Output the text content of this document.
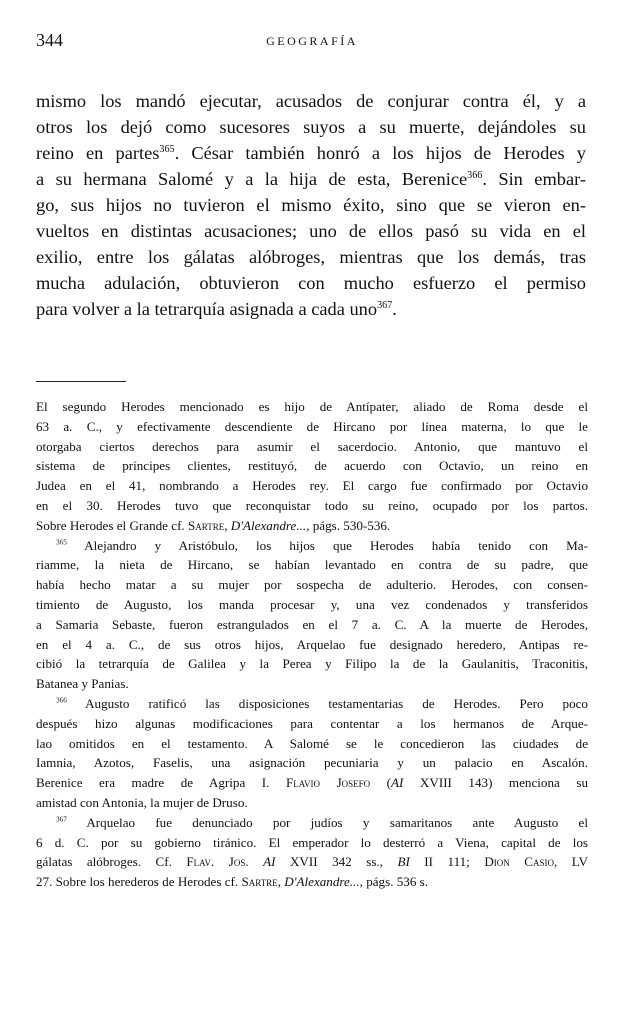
344	GEOGRAFÍA

mismo los mandó ejecutar, acusados de conjurar contra él, y a
otros los dejó como sucesores suyos a su muerte, dejándoles su
reino en partes$^{365}$. César también honró a los hijos de Herodes y
a su hermana Salomé y a la hija de esta, Berenice$^{366}$. Sin embar-
go, sus hijos no tuvieron el mismo éxito, sino que se vieron en-
vueltos en distintas acusaciones; uno de ellos pasó su vida en el
exilio, entre los gálatas alóbroges, mientras que los demás, tras
mucha adulación, obtuvieron con mucho esfuerzo el permiso
para volver a la tetrarquía asignada a cada uno$^{367}$.

El segundo Herodes mencionado es hijo de Antípater, aliado de Roma desde el
63 a. C., y efectivamente descendiente de Hircano por línea materna, lo que le
otorgaba ciertos derechos para asumir el sacerdocio. Antonio, que mantuvo el
sistema de príncipes clientes, restituyó, de acuerdo con Octavio, un reino en
Judea en el 41, nombrando a Herodes rey. El cargo fue confirmado por Octavio
en el 30. Herodes tuvo que reconquistar todo su reino, ocupado por los partos.
Sobre Herodes el Grande cf. Sartre, D'Alexandre..., págs. 530-536.
$^{365}$ Alejandro y Aristóbulo, los hijos que Herodes había tenido con Ma-
riamme, la nieta de Hircano, se habían levantado en contra de su padre, que
había hecho matar a su mujer por sospecha de adulterio. Herodes, con consen-
timiento de Augusto, los manda procesar y, una vez condenados y transferidos
a Samaria Sebaste, fueron estrangulados en el 7 a. C. A la muerte de Herodes,
en el 4 a. C., de sus otros hijos, Arquelao fue designado heredero, Antipas re-
cibió la tetrarquía de Galilea y la Perea y Filipo la de la Gaulanitis, Traconitis,
Batanea y Panias.
$^{366}$ Augusto ratificó las disposiciones testamentarias de Herodes. Pero poco
después hizo algunas modificaciones para contentar a los hermanos de Arque-
lao omitidos en el testamento. A Salomé se le concedieron las ciudades de
Iamnia, Azotos, Faselis, una asignación pecuniaria y un palacio en Ascalón.
Berenice era madre de Agripa I. Flavio Josefo (AI XVIII 143) menciona su
amistad con Antonia, la mujer de Druso.
$^{367}$ Arquelao fue denunciado por judíos y samaritanos ante Augusto el
6 d. C. por su gobierno tiránico. El emperador lo desterró a Viena, capital de los
gálatas alóbroges. Cf. Flav. Jos. AI XVII 342 ss., BI II 111; Dion Casio, LV
27. Sobre los herederos de Herodes cf. Sartre, D'Alexandre..., págs. 536 s.
